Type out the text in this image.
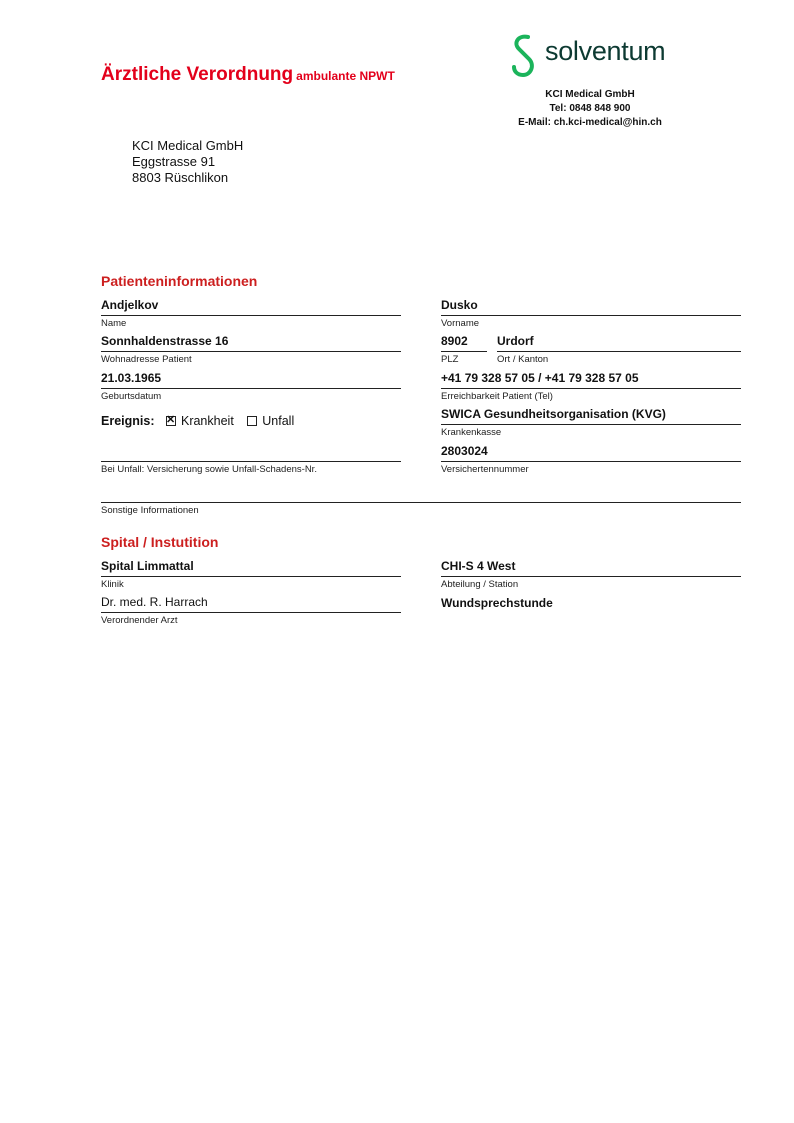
Ärztliche Verordnung ambulante NPWT
solventum
KCI Medical GmbH
Tel: 0848 848 900
E-Mail: ch.kci-medical@hin.ch
KCI Medical GmbH
Eggstrasse 91
8803 Rüschlikon
Patienteninformationen
Andjelkov
Name
Dusko
Vorname
Sonnhaldenstrasse 16
Wohnadresse Patient
8902
PLZ
Urdorf
Ort / Kanton
21.03.1965
Geburtsdatum
+41 79 328 57 05 / +41 79 328 57 05
Erreichbarkeit Patient (Tel)
Ereignis: ✕ Krankheit Unfall	SWICA Gesundheitsorganisation (KVG)
Krankenkasse
Bei Unfall: Versicherung sowie Unfall-Schadens-Nr.
2803024
Versichertennummer
Sonstige Informationen
Spital / Instutition
Spital Limmattal
Klinik
CHI-S 4 West
Abteilung / Station
Dr. med. R. Harrach
Verordnender Arzt
Wundsprechstunde
